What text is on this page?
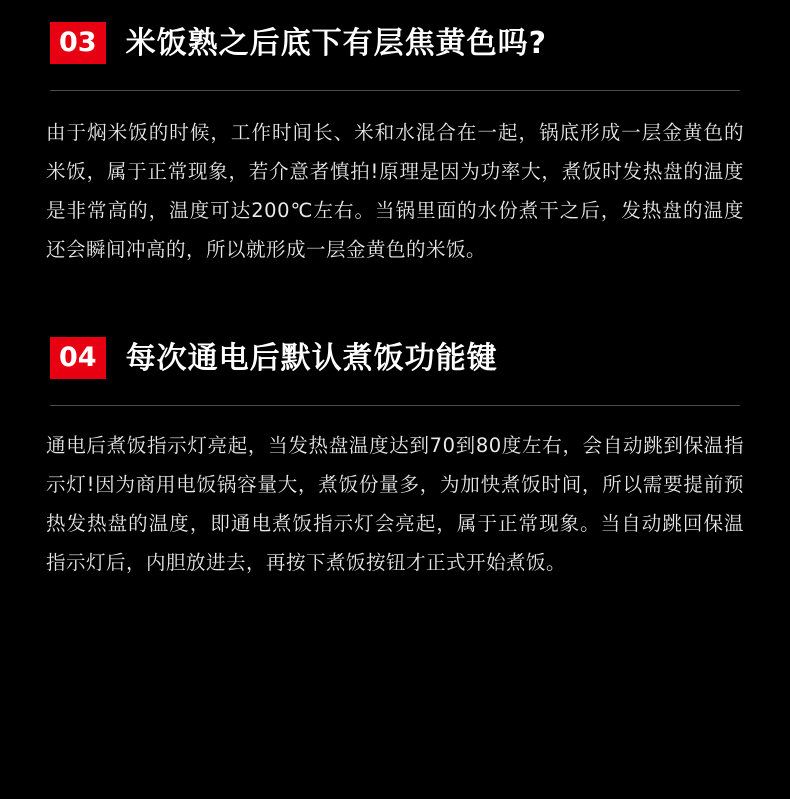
03 米饭熟之后底下有层焦黄色吗?
由于焖米饭的时候，工作时间长、米和水混合在一起，锅底形成一层金黄色的米饭，属于正常现象，若介意者慎拍!原理是因为功率大，煮饭时发热盘的温度是非常高的，温度可达200℃左右。当锅里面的水份煮干之后，发热盘的温度还会瞬间冲高的，所以就形成一层金黄色的米饭。
04 每次通电后默认煮饭功能键
通电后煮饭指示灯亮起，当发热盘温度达到70到80度左右，会自动跳到保温指示灯!因为商用电饭锅容量大，煮饭份量多，为加快煮饭时间，所以需要提前预热发热盘的温度，即通电煮饭指示灯会亮起，属于正常现象。当自动跳回保温指示灯后，内胆放进去，再按下煮饭按钮才正式开始煮饭。
